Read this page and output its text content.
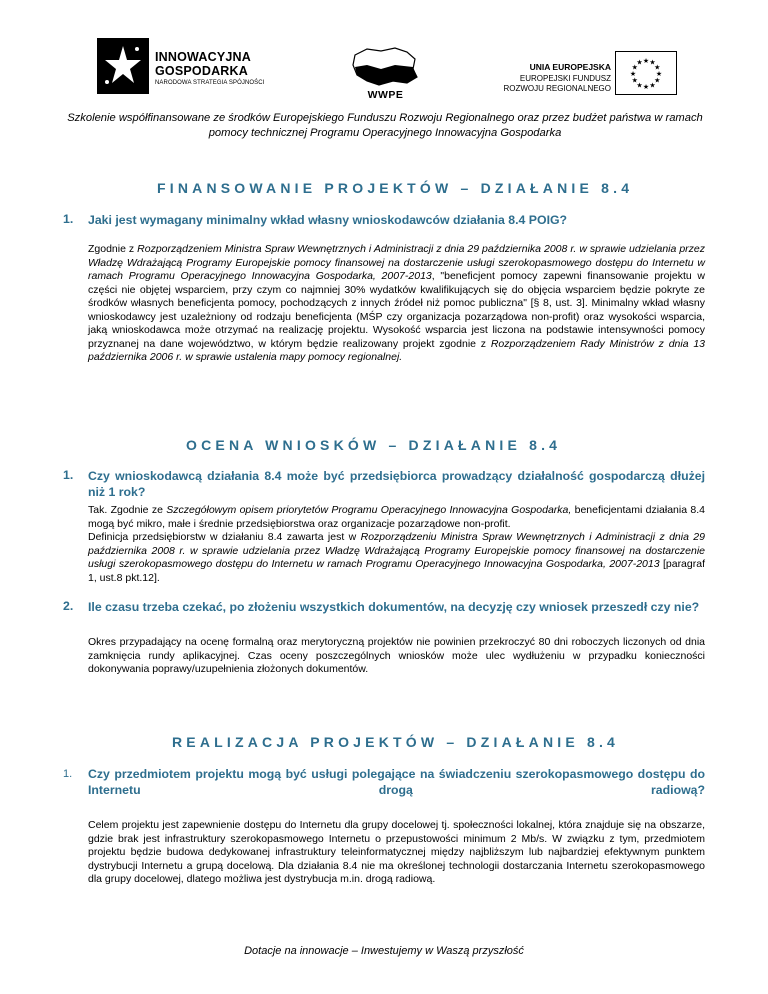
INNOWACYJNA
GOSPODARKA
NARODOWA STRATEGIA SPÓJNOŚCI
WWPE
UNIA EUROPEJSKA
EUROPEJSKI FUNDUSZ
ROZWOJU REGIONALNEGO
★ ★
★
★
★
★
★
★
★
★
★
★
Szkolenie współfinansowane ze środków Europejskiego Funduszu Rozwoju Regionalnego oraz przez budżet państwa w ramach pomocy technicznej Programu Operacyjnego Innowacyjna Gospodarka
FINANSOWANIE PROJEKTÓW – DZIAŁANIE 8.4
1. Jaki jest wymagany minimalny wkład własny wnioskodawców działania 8.4 POIG?
Zgodnie z Rozporządzeniem Ministra Spraw Wewnętrznych i Administracji z dnia 29 października 2008 r. w sprawie udzielania przez Władzę Wdrażającą Programy Europejskie pomocy finansowej na dostarczenie usługi szerokopasmowego dostępu do Internetu w ramach Programu Operacyjnego Innowacyjna Gospodarka, 2007-2013, "beneficjent pomocy zapewni finansowanie projektu w części nie objętej wsparciem, przy czym co najmniej 30% wydatków kwalifikujących się do objęcia wsparciem będzie pokryte ze środków własnych beneficjenta pomocy, pochodzących z innych źródeł niż pomoc publiczna" [§ 8, ust. 3]. Minimalny wkład własny wnioskodawcy jest uzależniony od rodzaju beneficjenta (MŚP czy organizacja pozarządowa non-profit) oraz wysokości wsparcia, jaką wnioskodawca może otrzymać na realizację projektu. Wysokość wsparcia jest liczona na podstawie intensywności pomocy przyznanej na dane województwo, w którym będzie realizowany projekt zgodnie z Rozporządzeniem Rady Ministrów z dnia 13 października 2006 r. w sprawie ustalenia mapy pomocy regionalnej.
OCENA WNIOSKÓW – DZIAŁANIE 8.4
1. Czy wnioskodawcą działania 8.4 może być przedsiębiorca prowadzący działalność gospodarczą dłużej niż 1 rok?
Tak. Zgodnie ze Szczegółowym opisem priorytetów Programu Operacyjnego Innowacyjna Gospodarka, beneficjentami działania 8.4 mogą być mikro, małe i średnie przedsiębiorstwa oraz organizacje pozarządowe non-profit.
Definicja przedsiębiorstw w działaniu 8.4 zawarta jest w Rozporządzeniu Ministra Spraw Wewnętrznych i Administracji z dnia 29 października 2008 r. w sprawie udzielania przez Władzę Wdrażającą Programy Europejskie pomocy finansowej na dostarczenie usługi szerokopasmowego dostępu do Internetu w ramach Programu Operacyjnego Innowacyjna Gospodarka, 2007-2013 [paragraf 1, ust.8 pkt.12].
2. Ile czasu trzeba czekać, po złożeniu wszystkich dokumentów, na decyzję czy wniosek przeszedł czy nie?
Okres przypadający na ocenę formalną oraz merytoryczną projektów nie powinien przekroczyć 80 dni roboczych liczonych od dnia zamknięcia rundy aplikacyjnej. Czas oceny poszczególnych wniosków może ulec wydłużeniu w przypadku konieczności dokonywania poprawy/uzupełnienia złożonych dokumentów.
REALIZACJA PROJEKTÓW – DZIAŁANIE 8.4
1. Czy przedmiotem projektu mogą być usługi polegające na świadczeniu szerokopasmowego dostępu do Internetu drogą radiową?
Celem projektu jest zapewnienie dostępu do Internetu dla grupy docelowej tj. społeczności lokalnej, która znajduje się na obszarze, gdzie brak jest infrastruktury szerokopasmowego Internetu o przepustowości minimum 2 Mb/s. W związku z tym, przedmiotem projektu będzie budowa dedykowanej infrastruktury teleinformatycznej między najbliższym lub najbardziej efektywnym punktem dystrybucji Internetu a grupą docelową. Dla działania 8.4 nie ma określonej technologii dostarczania Internetu szerokopasmowego dla grupy docelowej, dlatego możliwa jest dystrybucja m.in. drogą radiową.
Dotacje na innowacje – Inwestujemy w Waszą przyszłość
